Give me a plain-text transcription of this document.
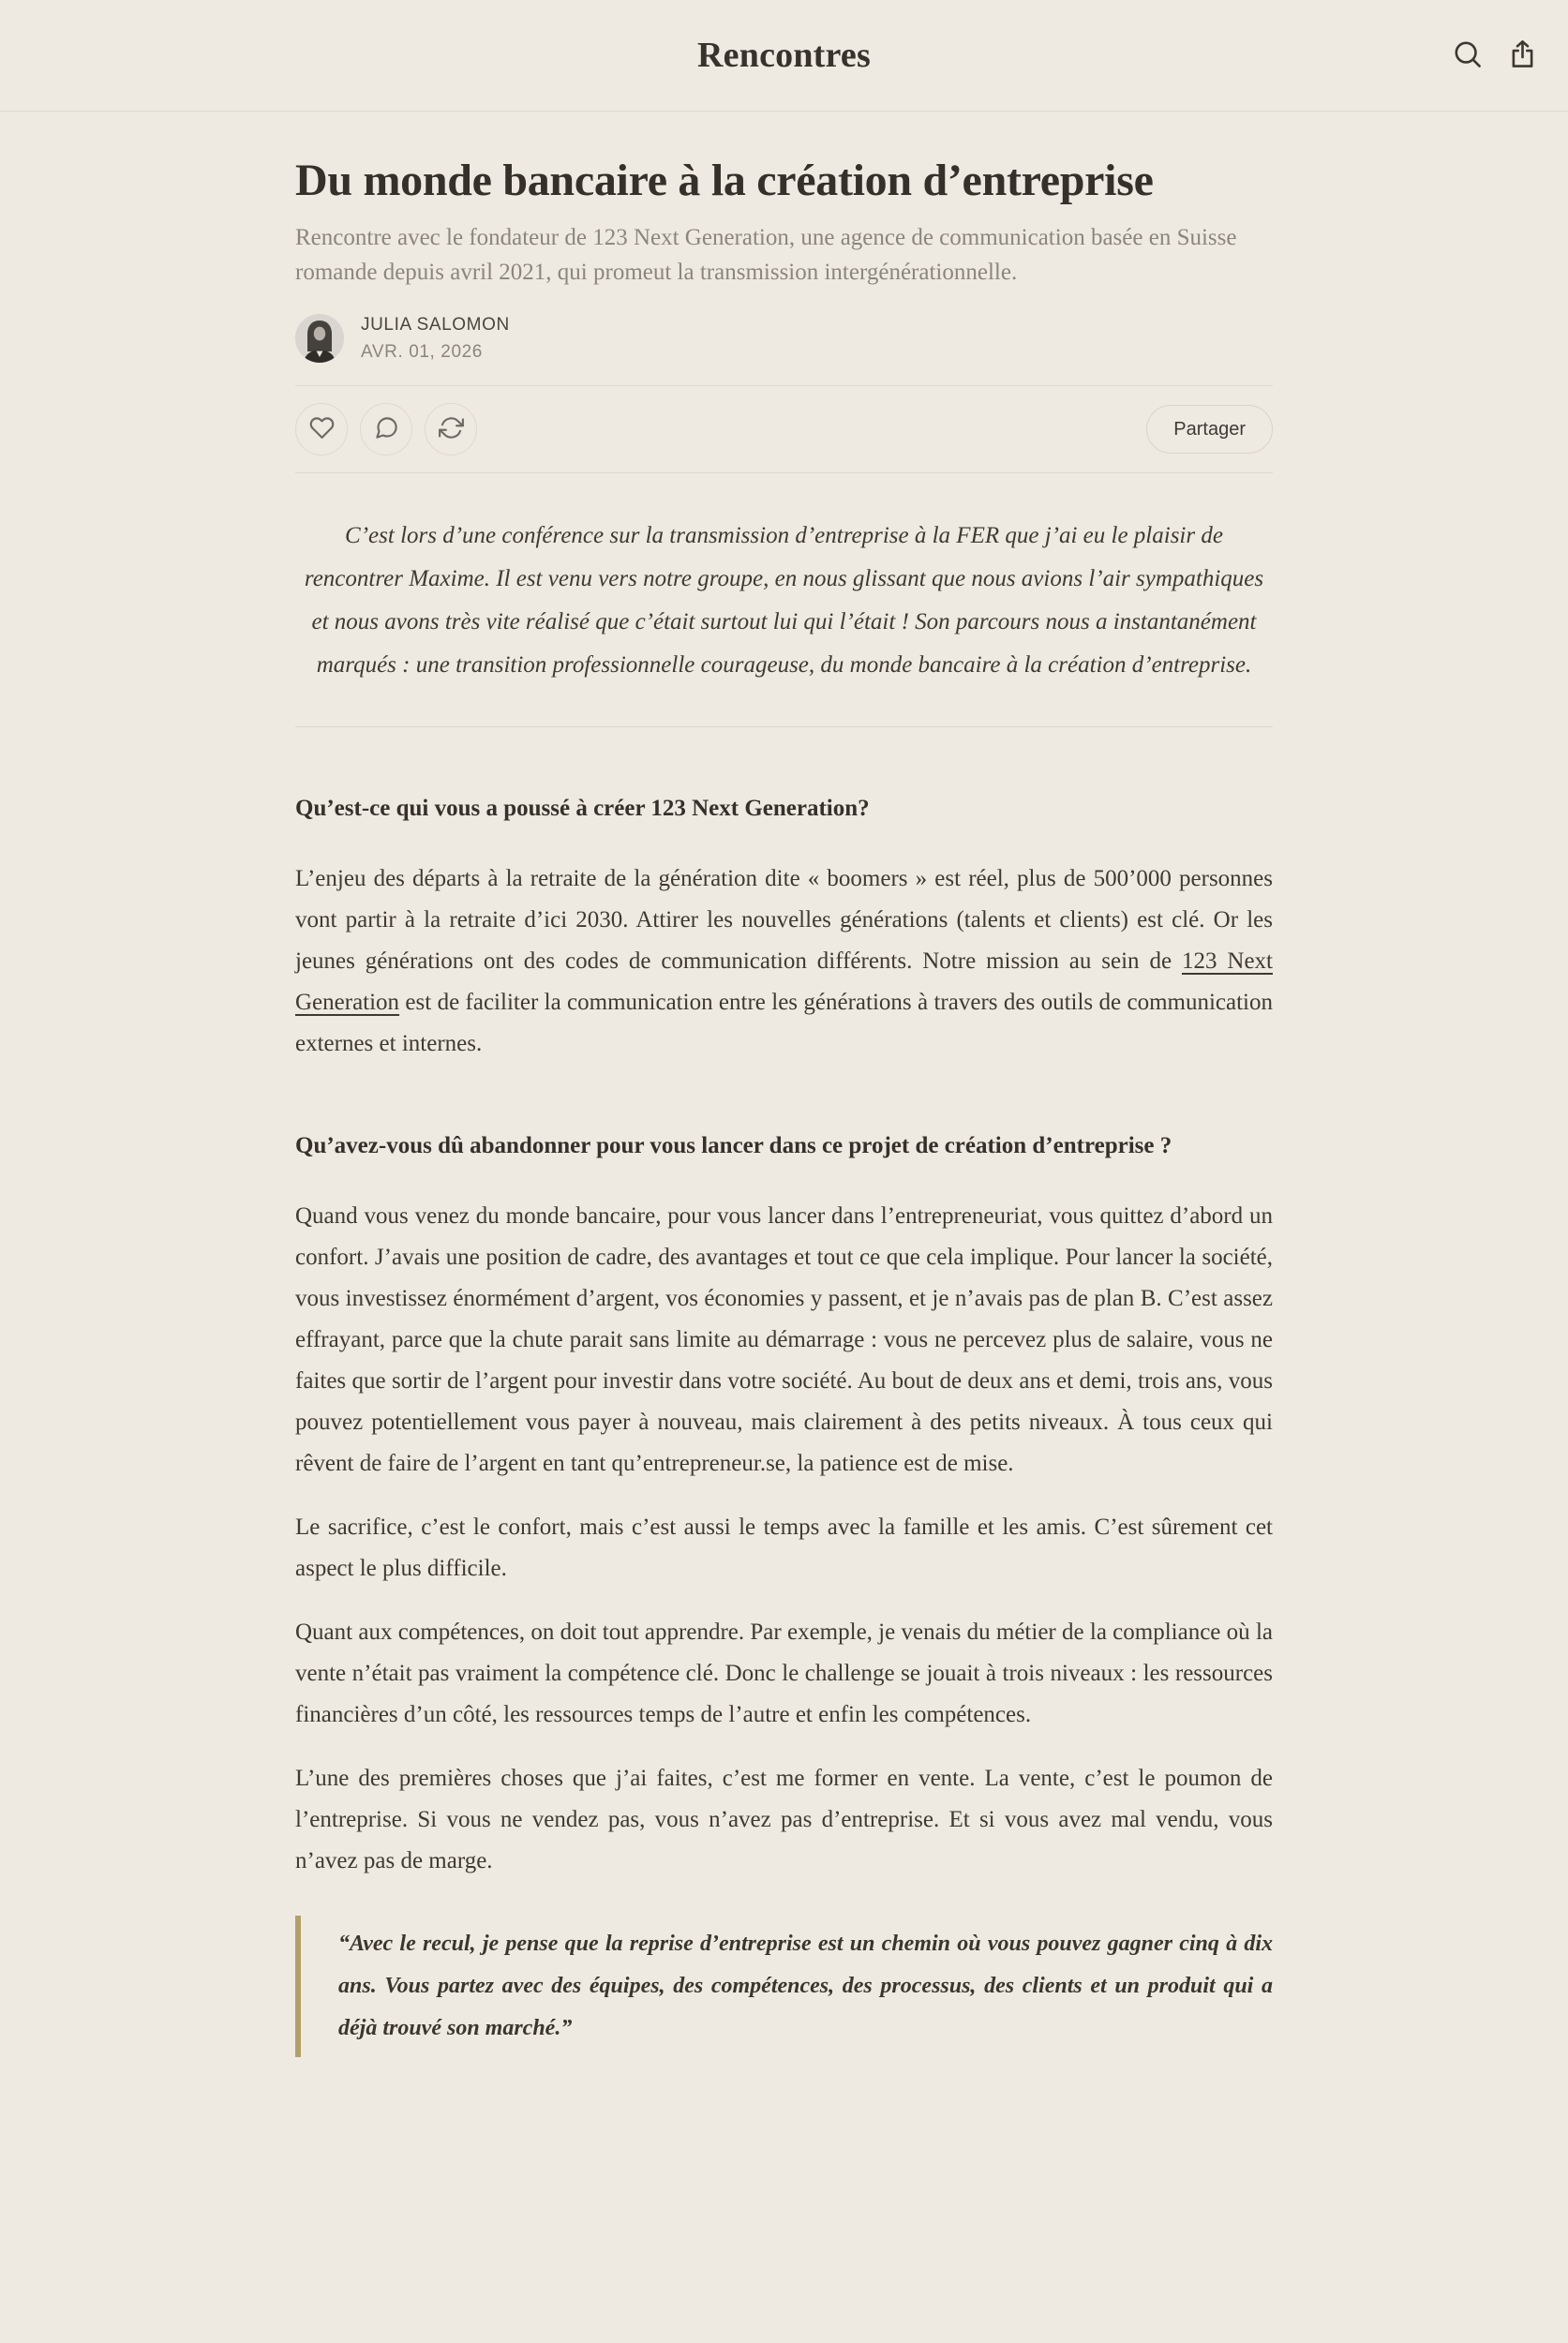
Rencontres
Du monde bancaire à la création d’entreprise
Rencontre avec le fondateur de 123 Next Generation, une agence de communication basée en Suisse romande depuis avril 2021, qui promeut la transmission intergénérationnelle.
JULIA SALOMON
AVR. 01, 2026
Partager
C’est lors d’une conférence sur la transmission d’entreprise à la FER que j’ai eu le plaisir de rencontrer Maxime. Il est venu vers notre groupe, en nous glissant que nous avions l’air sympathiques et nous avons très vite réalisé que c’était surtout lui qui l’était ! Son parcours nous a instantanément marqués : une transition professionnelle courageuse, du monde bancaire à la création d’entreprise.
Qu’est-ce qui vous a poussé à créer 123 Next Generation?

L’enjeu des départs à la retraite de la génération dite « boomers » est réel, plus de 500’000 personnes vont partir à la retraite d’ici 2030. Attirer les nouvelles générations (talents et clients) est clé. Or les jeunes générations ont des codes de communication différents. Notre mission au sein de 123 Next Generation est de faciliter la communication entre les générations à travers des outils de communication externes et internes.

Qu’avez-vous dû abandonner pour vous lancer dans ce projet de création d’entreprise ?

Quand vous venez du monde bancaire, pour vous lancer dans l’entrepreneuriat, vous quittez d’abord un confort. J’avais une position de cadre, des avantages et tout ce que cela implique. Pour lancer la société, vous investissez énormément d’argent, vos économies y passent, et je n’avais pas de plan B. C’est assez effrayant, parce que la chute parait sans limite au démarrage : vous ne percevez plus de salaire, vous ne faites que sortir de l’argent pour investir dans votre société. Au bout de deux ans et demi, trois ans, vous pouvez potentiellement vous payer à nouveau, mais clairement à des petits niveaux. À tous ceux qui rêvent de faire de l’argent en tant qu’entrepreneur.se, la patience est de mise.

Le sacrifice, c’est le confort, mais c’est aussi le temps avec la famille et les amis. C’est sûrement cet aspect le plus difficile.

Quant aux compétences, on doit tout apprendre. Par exemple, je venais du métier de la compliance où la vente n’était pas vraiment la compétence clé. Donc le challenge se jouait à trois niveaux : les ressources financières d’un côté, les ressources temps de l’autre et enfin les compétences.

L’une des premières choses que j’ai faites, c’est me former en vente. La vente, c’est le poumon de l’entreprise. Si vous ne vendez pas, vous n’avez pas d’entreprise. Et si vous avez mal vendu, vous n’avez pas de marge.

“Avec le recul, je pense que la reprise d’entreprise est un chemin où vous pouvez gagner cinq à dix ans. Vous partez avec des équipes, des compétences, des processus, des clients et un produit qui a déjà trouvé son marché.”
